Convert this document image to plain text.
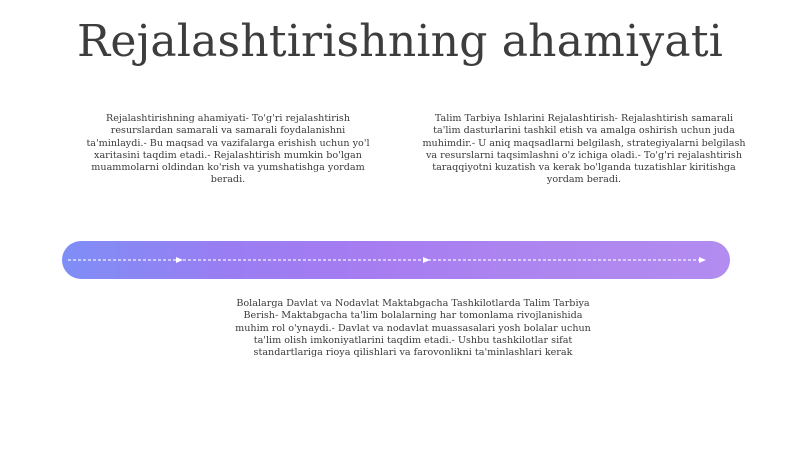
Rejalashtirishning ahamiyati

Rejalashtirishning ahamiyati- To'g'ri rejalashtirish
resurslardan samarali va samarali foydalanishni
ta'minlaydi.- Bu maqsad va vazifalarga erishish uchun yo'l
xaritasini taqdim etadi.- Rejalashtirish mumkin bo'lgan
muammolarni oldindan ko'rish va yumshatishga yordam
beradi.

Talim Tarbiya Ishlarini Rejalashtirish- Rejalashtirish samarali
ta'lim dasturlarini tashkil etish va amalga oshirish uchun juda
muhimdir.- U aniq maqsadlarni belgilash, strategiyalarni belgilash
va resurslarni taqsimlashni o'z ichiga oladi.- To'g'ri rejalashtirish
taraqqiyotni kuzatish va kerak bo'lganda tuzatishlar kiritishga
yordam beradi.

Bolalarga Davlat va Nodavlat Maktabgacha Tashkilotlarda Talim Tarbiya
Berish- Maktabgacha ta'lim bolalarning har tomonlama rivojlanishida
muhim rol o'ynaydi.- Davlat va nodavlat muassasalari yosh bolalar uchun
ta'lim olish imkoniyatlarini taqdim etadi.- Ushbu tashkilotlar sifat
standartlariga rioya qilishlari va farovonlikni ta'minlashlari kerak
